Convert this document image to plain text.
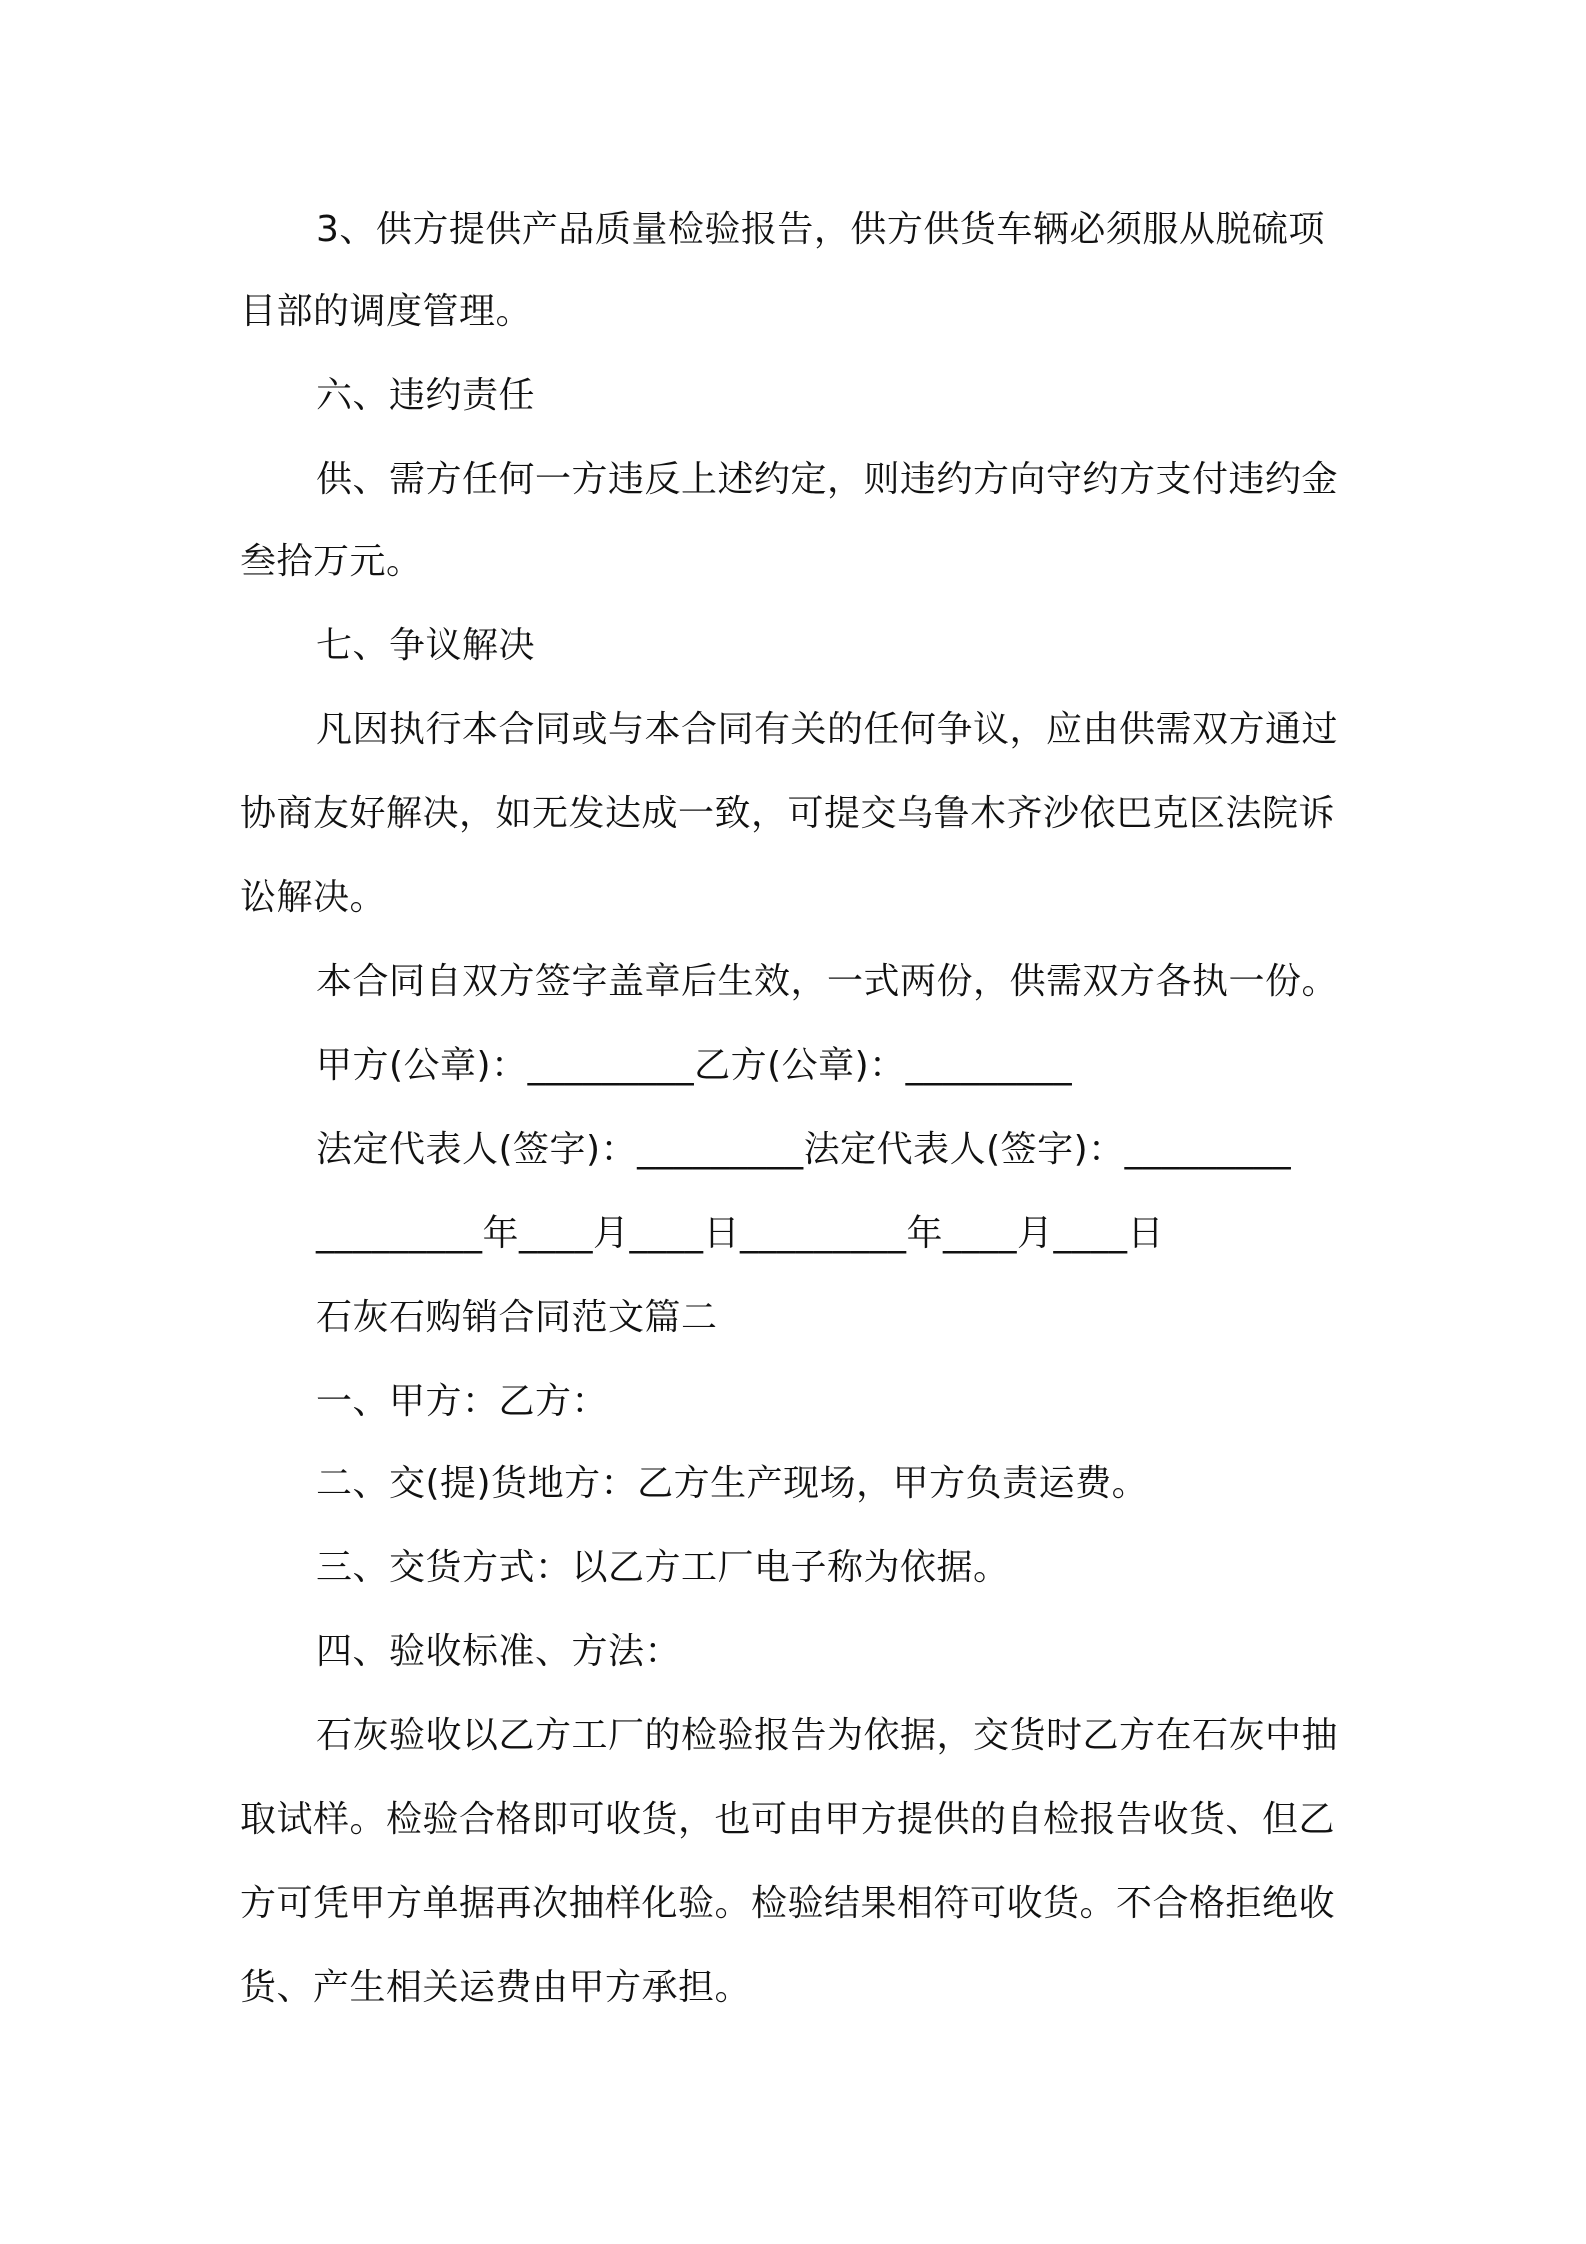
3、供方提供产品质量检验报告，供方供货车辆必须服从脱硫项
目部的调度管理。
六、违约责任
供、需方任何一方违反上述约定，则违约方向守约方支付违约金
叁拾万元。
七、争议解决
凡因执行本合同或与本合同有关的任何争议，应由供需双方通过
协商友好解决，如无发达成一致，可提交乌鲁木齐沙依巴克区法院诉
讼解决。
本合同自双方签字盖章后生效，一式两份，供需双方各执一份。
甲方(公章)：_________乙方(公章)：_________
法定代表人(签字)：_________法定代表人(签字)：_________
_________年____月____日_________年____月____日
石灰石购销合同范文篇二
一、甲方：乙方：
二、交(提)货地方：乙方生产现场，甲方负责运费。
三、交货方式：以乙方工厂电子称为依据。
四、验收标准、方法：
石灰验收以乙方工厂的检验报告为依据，交货时乙方在石灰中抽
取试样。检验合格即可收货，也可由甲方提供的自检报告收货、但乙
方可凭甲方单据再次抽样化验。检验结果相符可收货。不合格拒绝收
货、产生相关运费由甲方承担。
